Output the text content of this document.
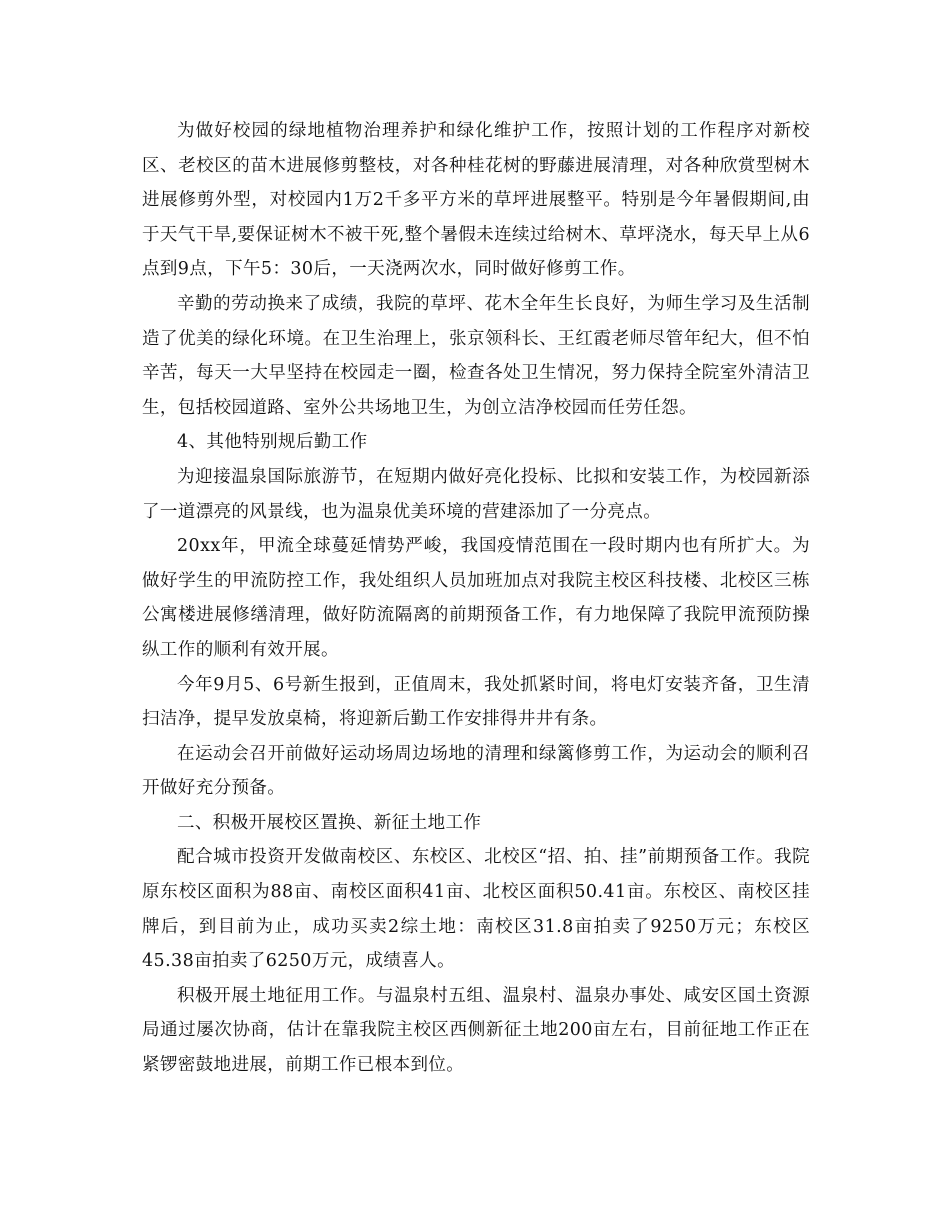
为做好校园的绿地植物治理养护和绿化维护工作，按照计划的工作程序对新校区、老校区的苗木进展修剪整枝，对各种桂花树的野藤进展清理，对各种欣赏型树木进展修剪外型，对校园内1万2千多平方米的草坪进展整平。特别是今年暑假期间,由于天气干旱,要保证树木不被干死,整个暑假未连续过给树木、草坪浇水，每天早上从6点到9点，下午5：30后，一天浇两次水，同时做好修剪工作。

辛勤的劳动换来了成绩，我院的草坪、花木全年生长良好，为师生学习及生活制造了优美的绿化环境。在卫生治理上，张京领科长、王红霞老师尽管年纪大，但不怕辛苦，每天一大早坚持在校园走一圈，检查各处卫生情况，努力保持全院室外清洁卫生，包括校园道路、室外公共场地卫生，为创立洁净校园而任劳任怨。

4、其他特别规后勤工作

为迎接温泉国际旅游节，在短期内做好亮化投标、比拟和安装工作，为校园新添了一道漂亮的风景线，也为温泉优美环境的营建添加了一分亮点。

20xx年，甲流全球蔓延情势严峻，我国疫情范围在一段时期内也有所扩大。为做好学生的甲流防控工作，我处组织人员加班加点对我院主校区科技楼、北校区三栋公寓楼进展修缮清理，做好防流隔离的前期预备工作，有力地保障了我院甲流预防操纵工作的顺利有效开展。

今年9月5、6号新生报到，正值周末，我处抓紧时间，将电灯安装齐备，卫生清扫洁净，提早发放桌椅，将迎新后勤工作安排得井井有条。

在运动会召开前做好运动场周边场地的清理和绿篱修剪工作，为运动会的顺利召开做好充分预备。

二、积极开展校区置换、新征土地工作

配合城市投资开发做南校区、东校区、北校区“招、拍、挂”前期预备工作。我院原东校区面积为88亩、南校区面积41亩、北校区面积50.41亩。东校区、南校区挂牌后，到目前为止，成功买卖2综土地：南校区31.8亩拍卖了9250万元；东校区45.38亩拍卖了6250万元，成绩喜人。

积极开展土地征用工作。与温泉村五组、温泉村、温泉办事处、咸安区国土资源局通过屡次协商，估计在靠我院主校区西侧新征土地200亩左右，目前征地工作正在紧锣密鼓地进展，前期工作已根本到位。
